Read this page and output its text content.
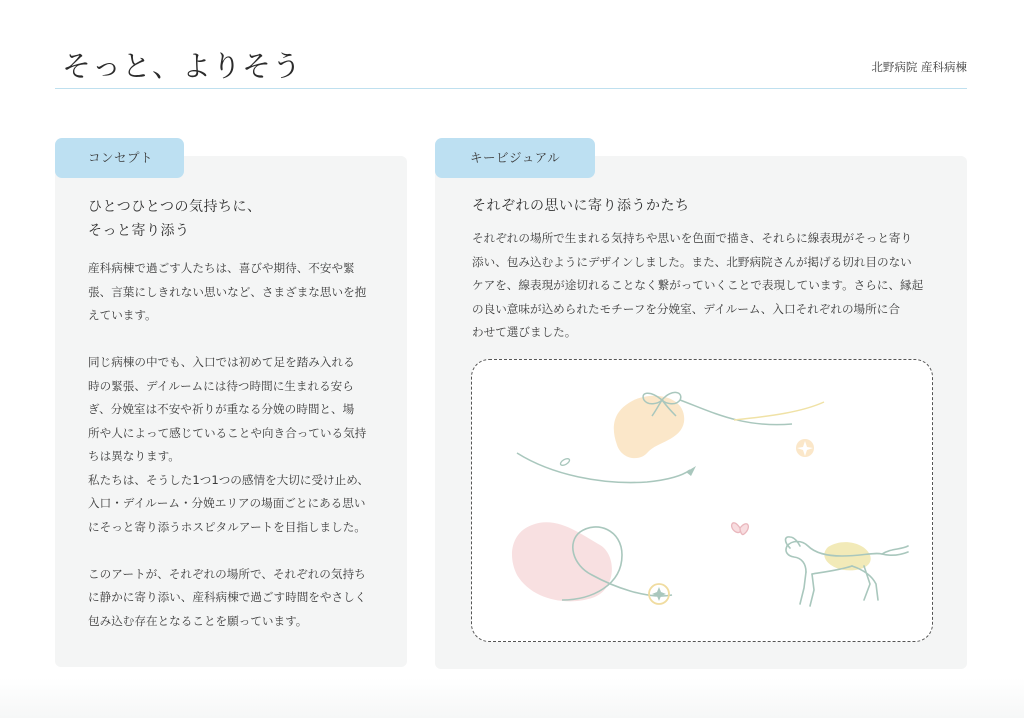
そっと、よりそう	北野病院 産科病棟
コンセプト
ひとつひとつの気持ちに、
そっと寄り添う

産科病棟で過ごす人たちは、喜びや期待、不安や緊
張、言葉にしきれない思いなど、さまざまな思いを抱
えています。

同じ病棟の中でも、入口では初めて足を踏み入れる
時の緊張、デイルームには待つ時間に生まれる安ら
ぎ、分娩室は不安や祈りが重なる分娩の時間と、場
所や人によって感じていることや向き合っている気持
ちは異なります。
私たちは、そうした1つ1つの感情を大切に受け止め、
入口・デイルーム・分娩エリアの場面ごとにある思い
にそっと寄り添うホスピタルアートを目指しました。

このアートが、それぞれの場所で、それぞれの気持ち
に静かに寄り添い、産科病棟で過ごす時間をやさしく
包み込む存在となることを願っています。

キービジュアル
それぞれの思いに寄り添うかたち
それぞれの場所で生まれる気持ちや思いを色面で描き、それらに線表現がそっと寄り
添い、包み込むようにデザインしました。また、北野病院さんが掲げる切れ目のない
ケアを、線表現が途切れることなく繋がっていくことで表現しています。さらに、縁起
の良い意味が込められたモチーフを分娩室、デイルーム、入口それぞれの場所に合
わせて選びました。
